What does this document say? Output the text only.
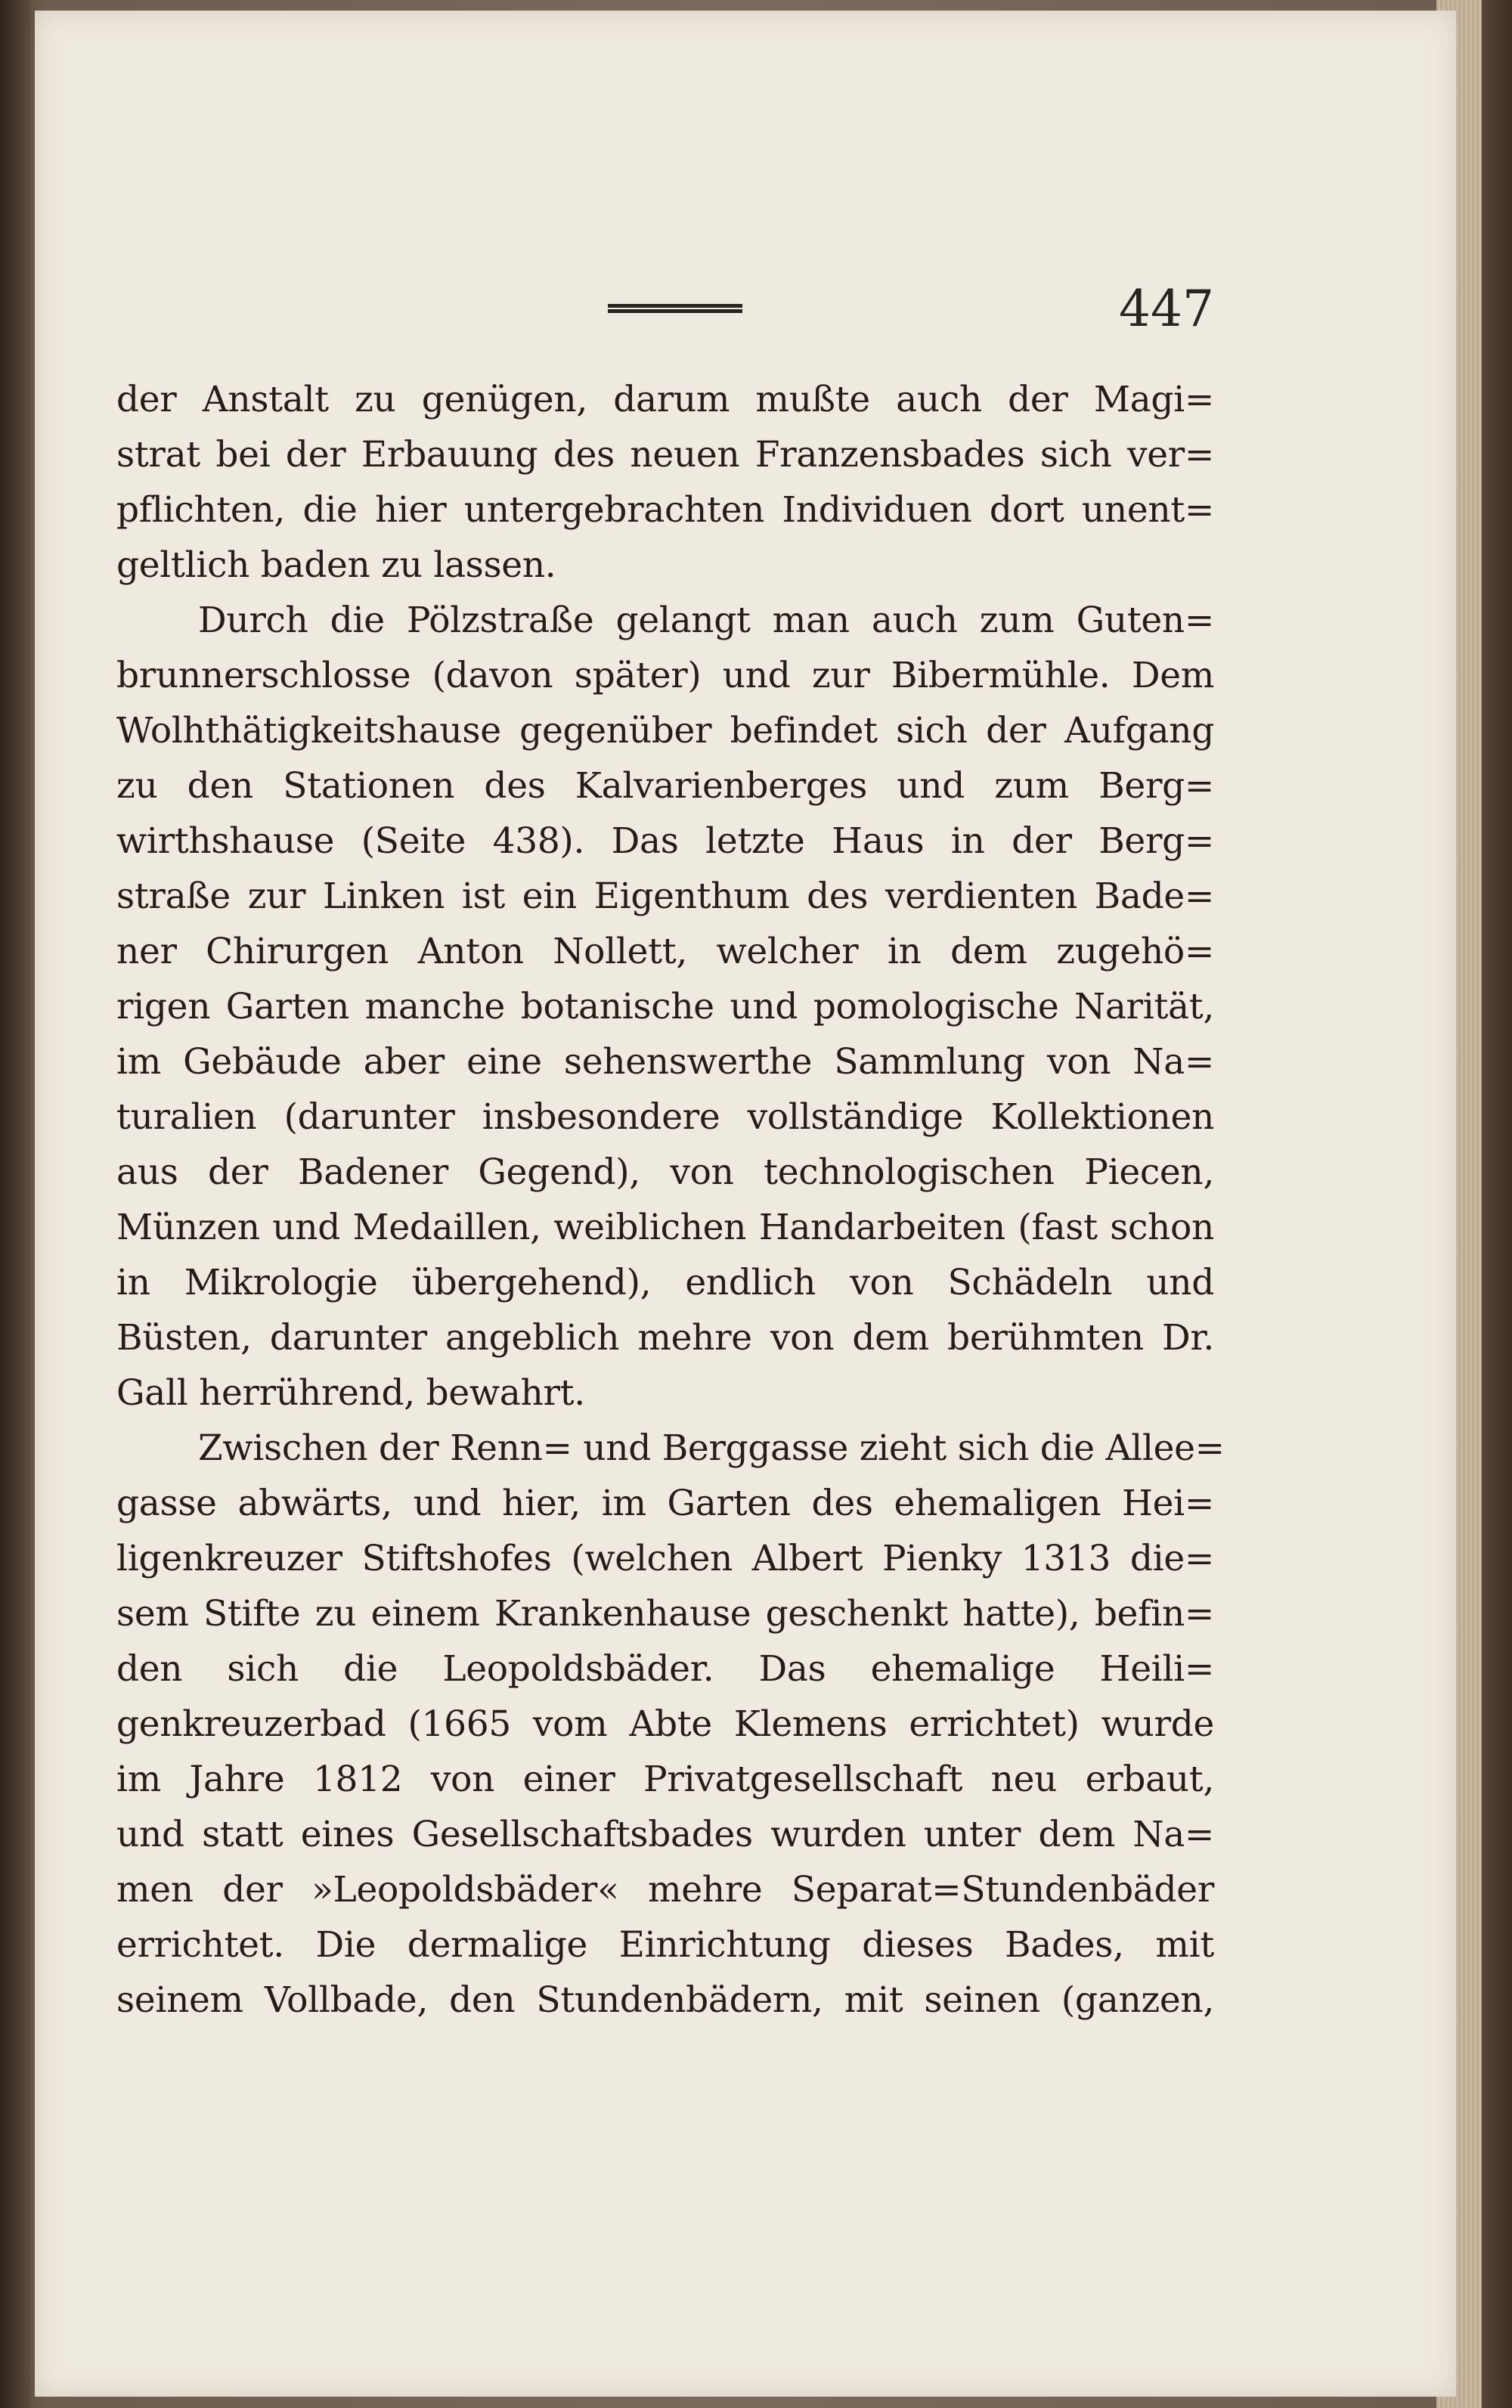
447
der Anstalt zu genügen, darum mußte auch der Magi=
strat bei der Erbauung des neuen Franzensbades sich ver=
pflichten, die hier untergebrachten Individuen dort unent=
geltlich baden zu lassen.
Durch die Pölzstraße gelangt man auch zum Guten=
brunnerschlosse (davon später) und zur Bibermühle. Dem
Wolhthätigkeitshause gegenüber befindet sich der Aufgang
zu den Stationen des Kalvarienberges und zum Berg=
wirthshause (Seite 438). Das letzte Haus in der Berg=
straße zur Linken ist ein Eigenthum des verdienten Bade=
ner Chirurgen Anton Nollett, welcher in dem zugehö=
rigen Garten manche botanische und pomologische Narität,
im Gebäude aber eine sehenswerthe Sammlung von Na=
turalien (darunter insbesondere vollständige Kollektionen
aus der Badener Gegend), von technologischen Piecen,
Münzen und Medaillen, weiblichen Handarbeiten (fast schon
in Mikrologie übergehend), endlich von Schädeln und
Büsten, darunter angeblich mehre von dem berühmten Dr.
Gall herrührend, bewahrt.
Zwischen der Renn= und Berggasse zieht sich die Allee=
gasse abwärts, und hier, im Garten des ehemaligen Hei=
ligenkreuzer Stiftshofes (welchen Albert Pienky 1313 die=
sem Stifte zu einem Krankenhause geschenkt hatte), befin=
den sich die Leopoldsbäder. Das ehemalige Heili=
genkreuzerbad (1665 vom Abte Klemens errichtet) wurde
im Jahre 1812 von einer Privatgesellschaft neu erbaut,
und statt eines Gesellschaftsbades wurden unter dem Na=
men der »Leopoldsbäder« mehre Separat=Stundenbäder
errichtet. Die dermalige Einrichtung dieses Bades, mit
seinem Vollbade, den Stundenbädern, mit seinen (ganzen,
